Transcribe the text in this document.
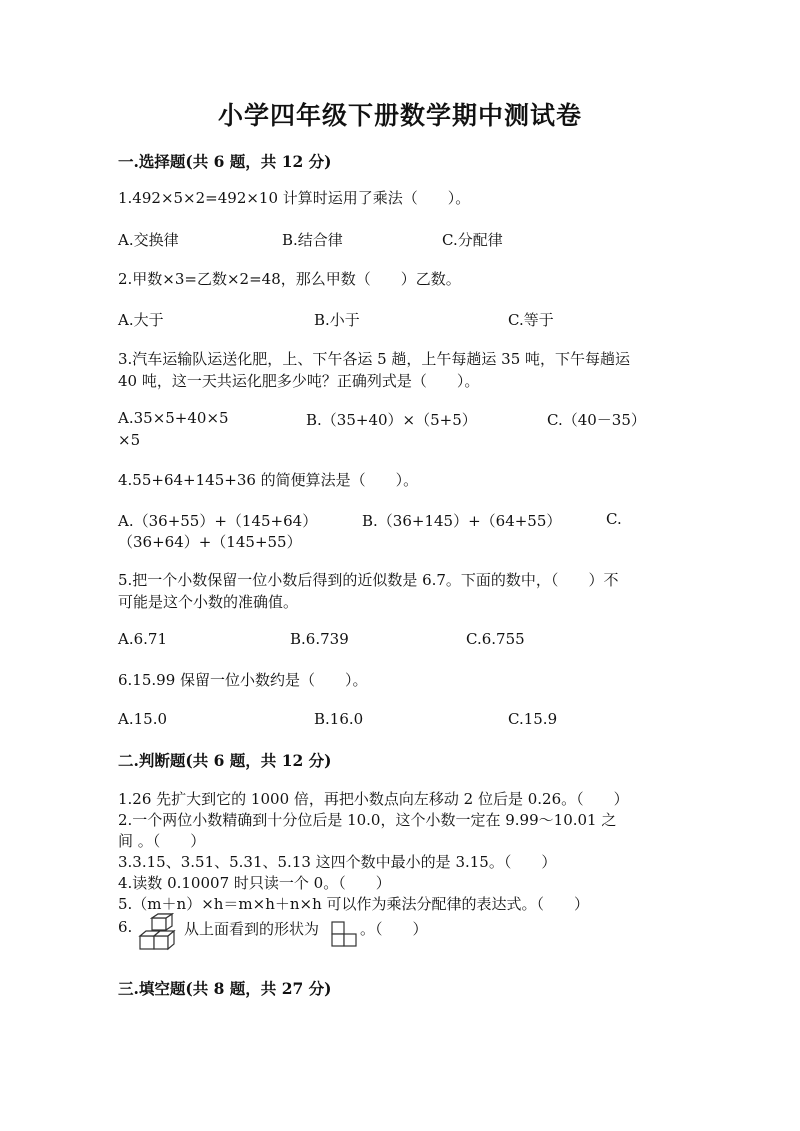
小学四年级下册数学期中测试卷
一.选择题(共 6 题，共 12 分)
1.492×5×2=492×10 计算时运用了乘法（　　）。
A.交换律	B.结合律	C.分配律
2.甲数×3=乙数×2=48，那么甲数（　　）乙数。
A.大于	B.小于	C.等于
3.汽车运输队运送化肥，上、下午各运 5 趟，上午每趟运 35 吨，下午每趟运
40 吨，这一天共运化肥多少吨？正确列式是（　　）。
A.35×5+40×5	B.（35+40）×（5+5）	C.（40－35）
×5
4.55+64+145+36 的简便算法是（　　）。
A.（36+55）+（145+64）	B.（36+145）+（64+55）	C.
（36+64）+（145+55）
5.把一个小数保留一位小数后得到的近似数是 6.7。下面的数中，（　　）不
可能是这个小数的准确值。
A.6.71	B.6.739	C.6.755
6.15.99 保留一位小数约是（　　）。
A.15.0	B.16.0	C.15.9
二.判断题(共 6 题，共 12 分)
1.26 先扩大到它的 1000 倍，再把小数点向左移动 2 位后是 0.26。（　　）
2.一个两位小数精确到十分位后是 10.0，这个小数一定在 9.99～10.01 之
间 。（　　）
3.3.15、3.51、5.31、5.13 这四个数中最小的是 3.15。（　　）
4.读数 0.10007 时只读一个 0。（　　）
5.（m＋n）×h＝m×h＋n×h 可以作为乘法分配律的表达式。（　　）
6.	从上面看到的形状为	。（　　）
三.填空题(共 8 题，共 27 分)
